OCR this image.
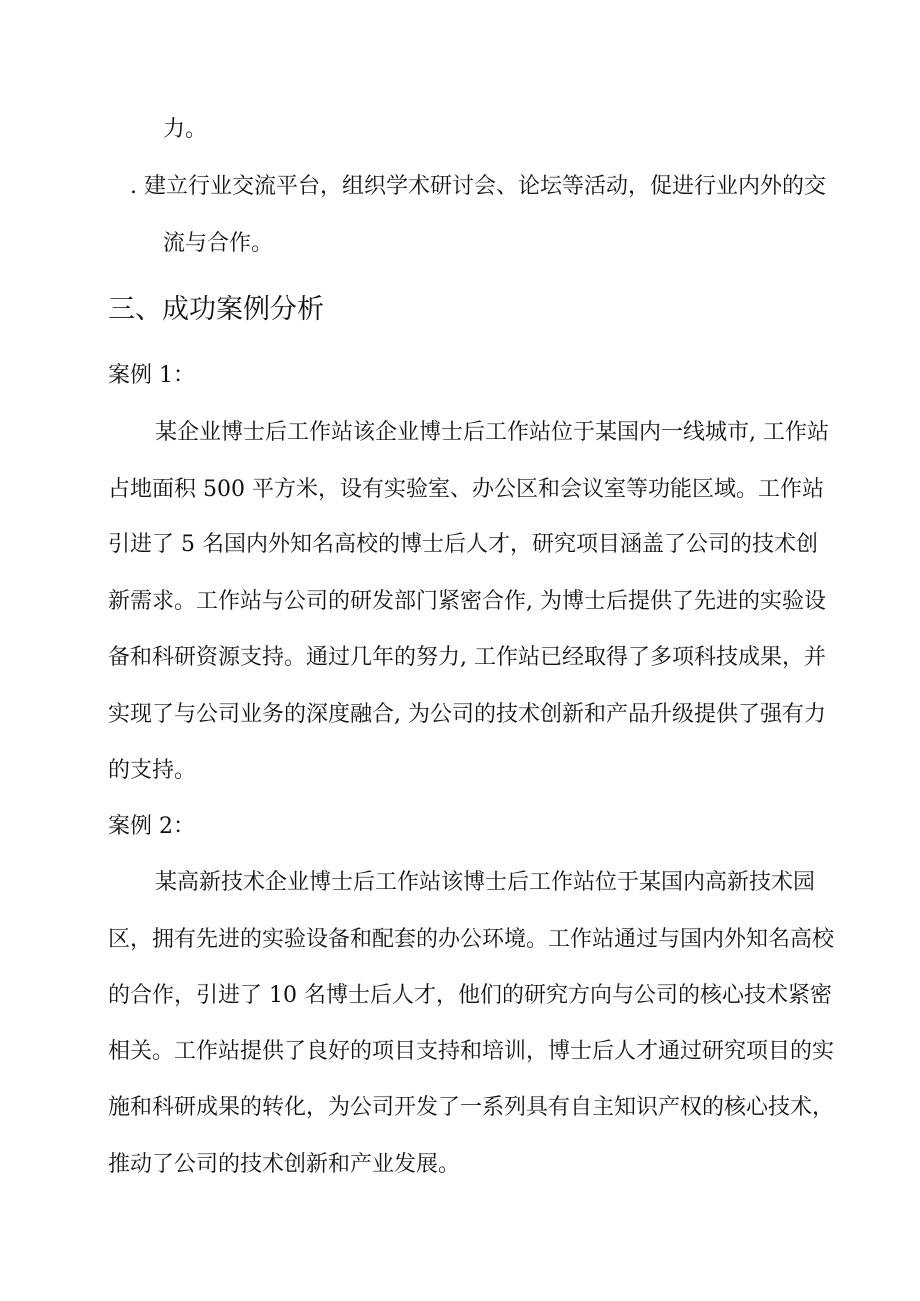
力。
. 建立行业交流平台，组织学术研讨会、论坛等活动，促进行业内外的交
流与合作。
三、成功案例分析
案例 1：
某企业博士后工作站该企业博士后工作站位于某国内一线城市, 工作站
占地面积 500 平方米，设有实验室、办公区和会议室等功能区域。工作站
引进了 5 名国内外知名高校的博士后人才，研究项目涵盖了公司的技术创
新需求。工作站与公司的研发部门紧密合作, 为博士后提供了先进的实验设
备和科研资源支持。通过几年的努力, 工作站已经取得了多项科技成果，并
实现了与公司业务的深度融合, 为公司的技术创新和产品升级提供了强有力
的支持。
案例 2：
某高新技术企业博士后工作站该博士后工作站位于某国内高新技术园
区，拥有先进的实验设备和配套的办公环境。工作站通过与国内外知名高校
的合作，引进了 10 名博士后人才，他们的研究方向与公司的核心技术紧密
相关。工作站提供了良好的项目支持和培训，博士后人才通过研究项目的实
施和科研成果的转化，为公司开发了一系列具有自主知识产权的核心技术，
推动了公司的技术创新和产业发展。
